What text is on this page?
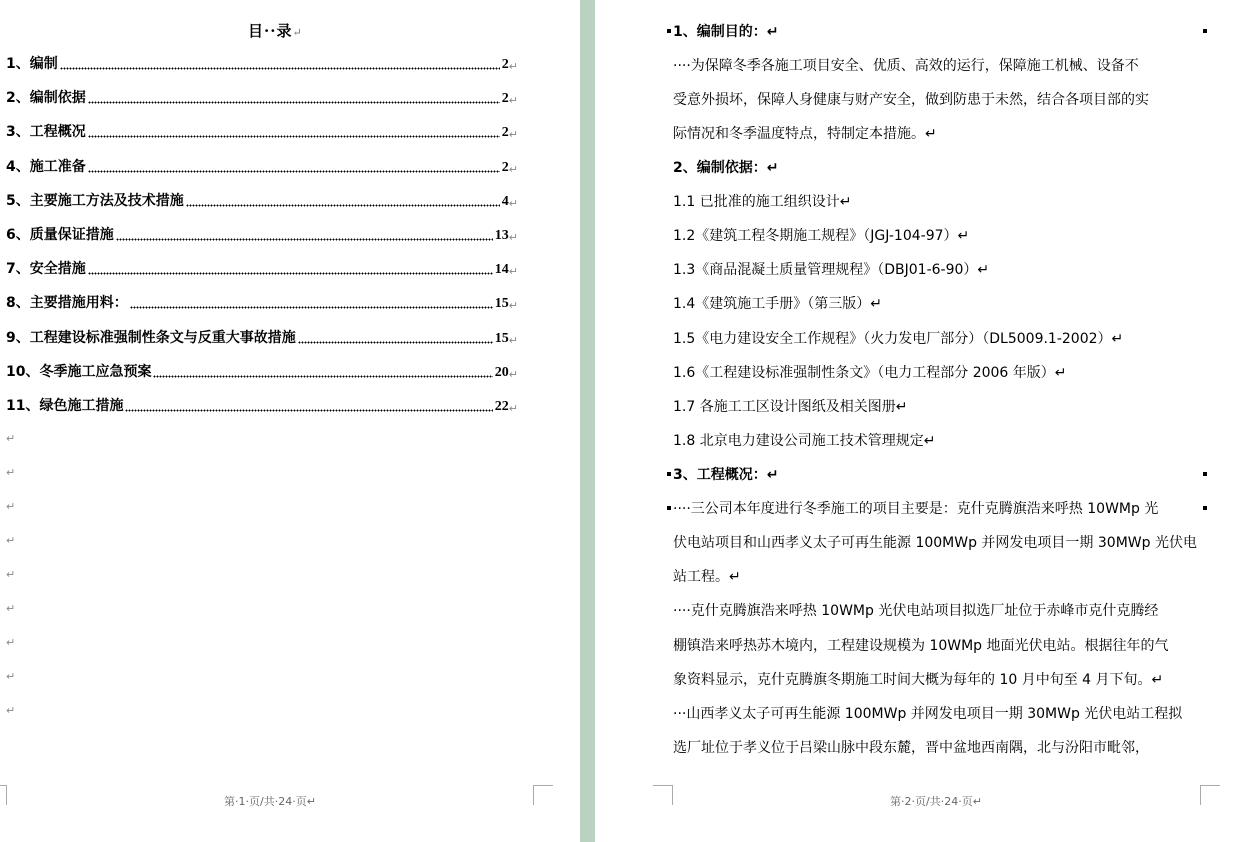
目··录↵
1、编制	2 ↵
2、编制依据	2 ↵
3、工程概况	2 ↵
4、施工准备	2 ↵
5、主要施工方法及技术措施	4 ↵
6、质量保证措施	13 ↵
7、安全措施	14 ↵
8、主要措施用料：	15 ↵
9、工程建设标准强制性条文与反重大事故措施	15 ↵
10、冬季施工应急预案	20 ↵
11、绿色施工措施	22 ↵
↵
↵
↵
↵
↵
↵
↵
↵
↵
第·1·页/共·24·页↵
1、编制目的：↵
····为保障冬季各施工项目安全、优质、高效的运行，保障施工机械、设备不
受意外损坏，保障人身健康与财产安全，做到防患于未然，结合各项目部的实
际情况和冬季温度特点，特制定本措施。↵
2、编制依据：↵
1.1 已批准的施工组织设计↵
1.2《建筑工程冬期施工规程》（JGJ-104-97）↵
1.3《商品混凝土质量管理规程》（DBJ01-6-90）↵
1.4《建筑施工手册》（第三版）↵
1.5《电力建设安全工作规程》（火力发电厂部分）（DL5009.1-2002）↵
1.6《工程建设标准强制性条文》（电力工程部分 2006 年版）↵
1.7 各施工工区设计图纸及相关图册↵
1.8 北京电力建设公司施工技术管理规定↵
3、工程概况：↵
····三公司本年度进行冬季施工的项目主要是：克什克腾旗浩来呼热 10WMp 光
伏电站项目和山西孝义太子可再生能源 100MWp 并网发电项目一期 30MWp 光伏电
站工程。↵
····克什克腾旗浩来呼热 10WMp 光伏电站项目拟选厂址位于赤峰市克什克腾经
棚镇浩来呼热苏木境内，工程建设规模为 10WMp 地面光伏电站。根据往年的气
象资料显示，克什克腾旗冬期施工时间大概为每年的 10 月中旬至 4 月下旬。↵
···山西孝义太子可再生能源 100MWp 并网发电项目一期 30MWp 光伏电站工程拟
选厂址位于孝义位于吕梁山脉中段东麓，晋中盆地西南隅，北与汾阳市毗邻，
第·2·页/共·24·页↵
